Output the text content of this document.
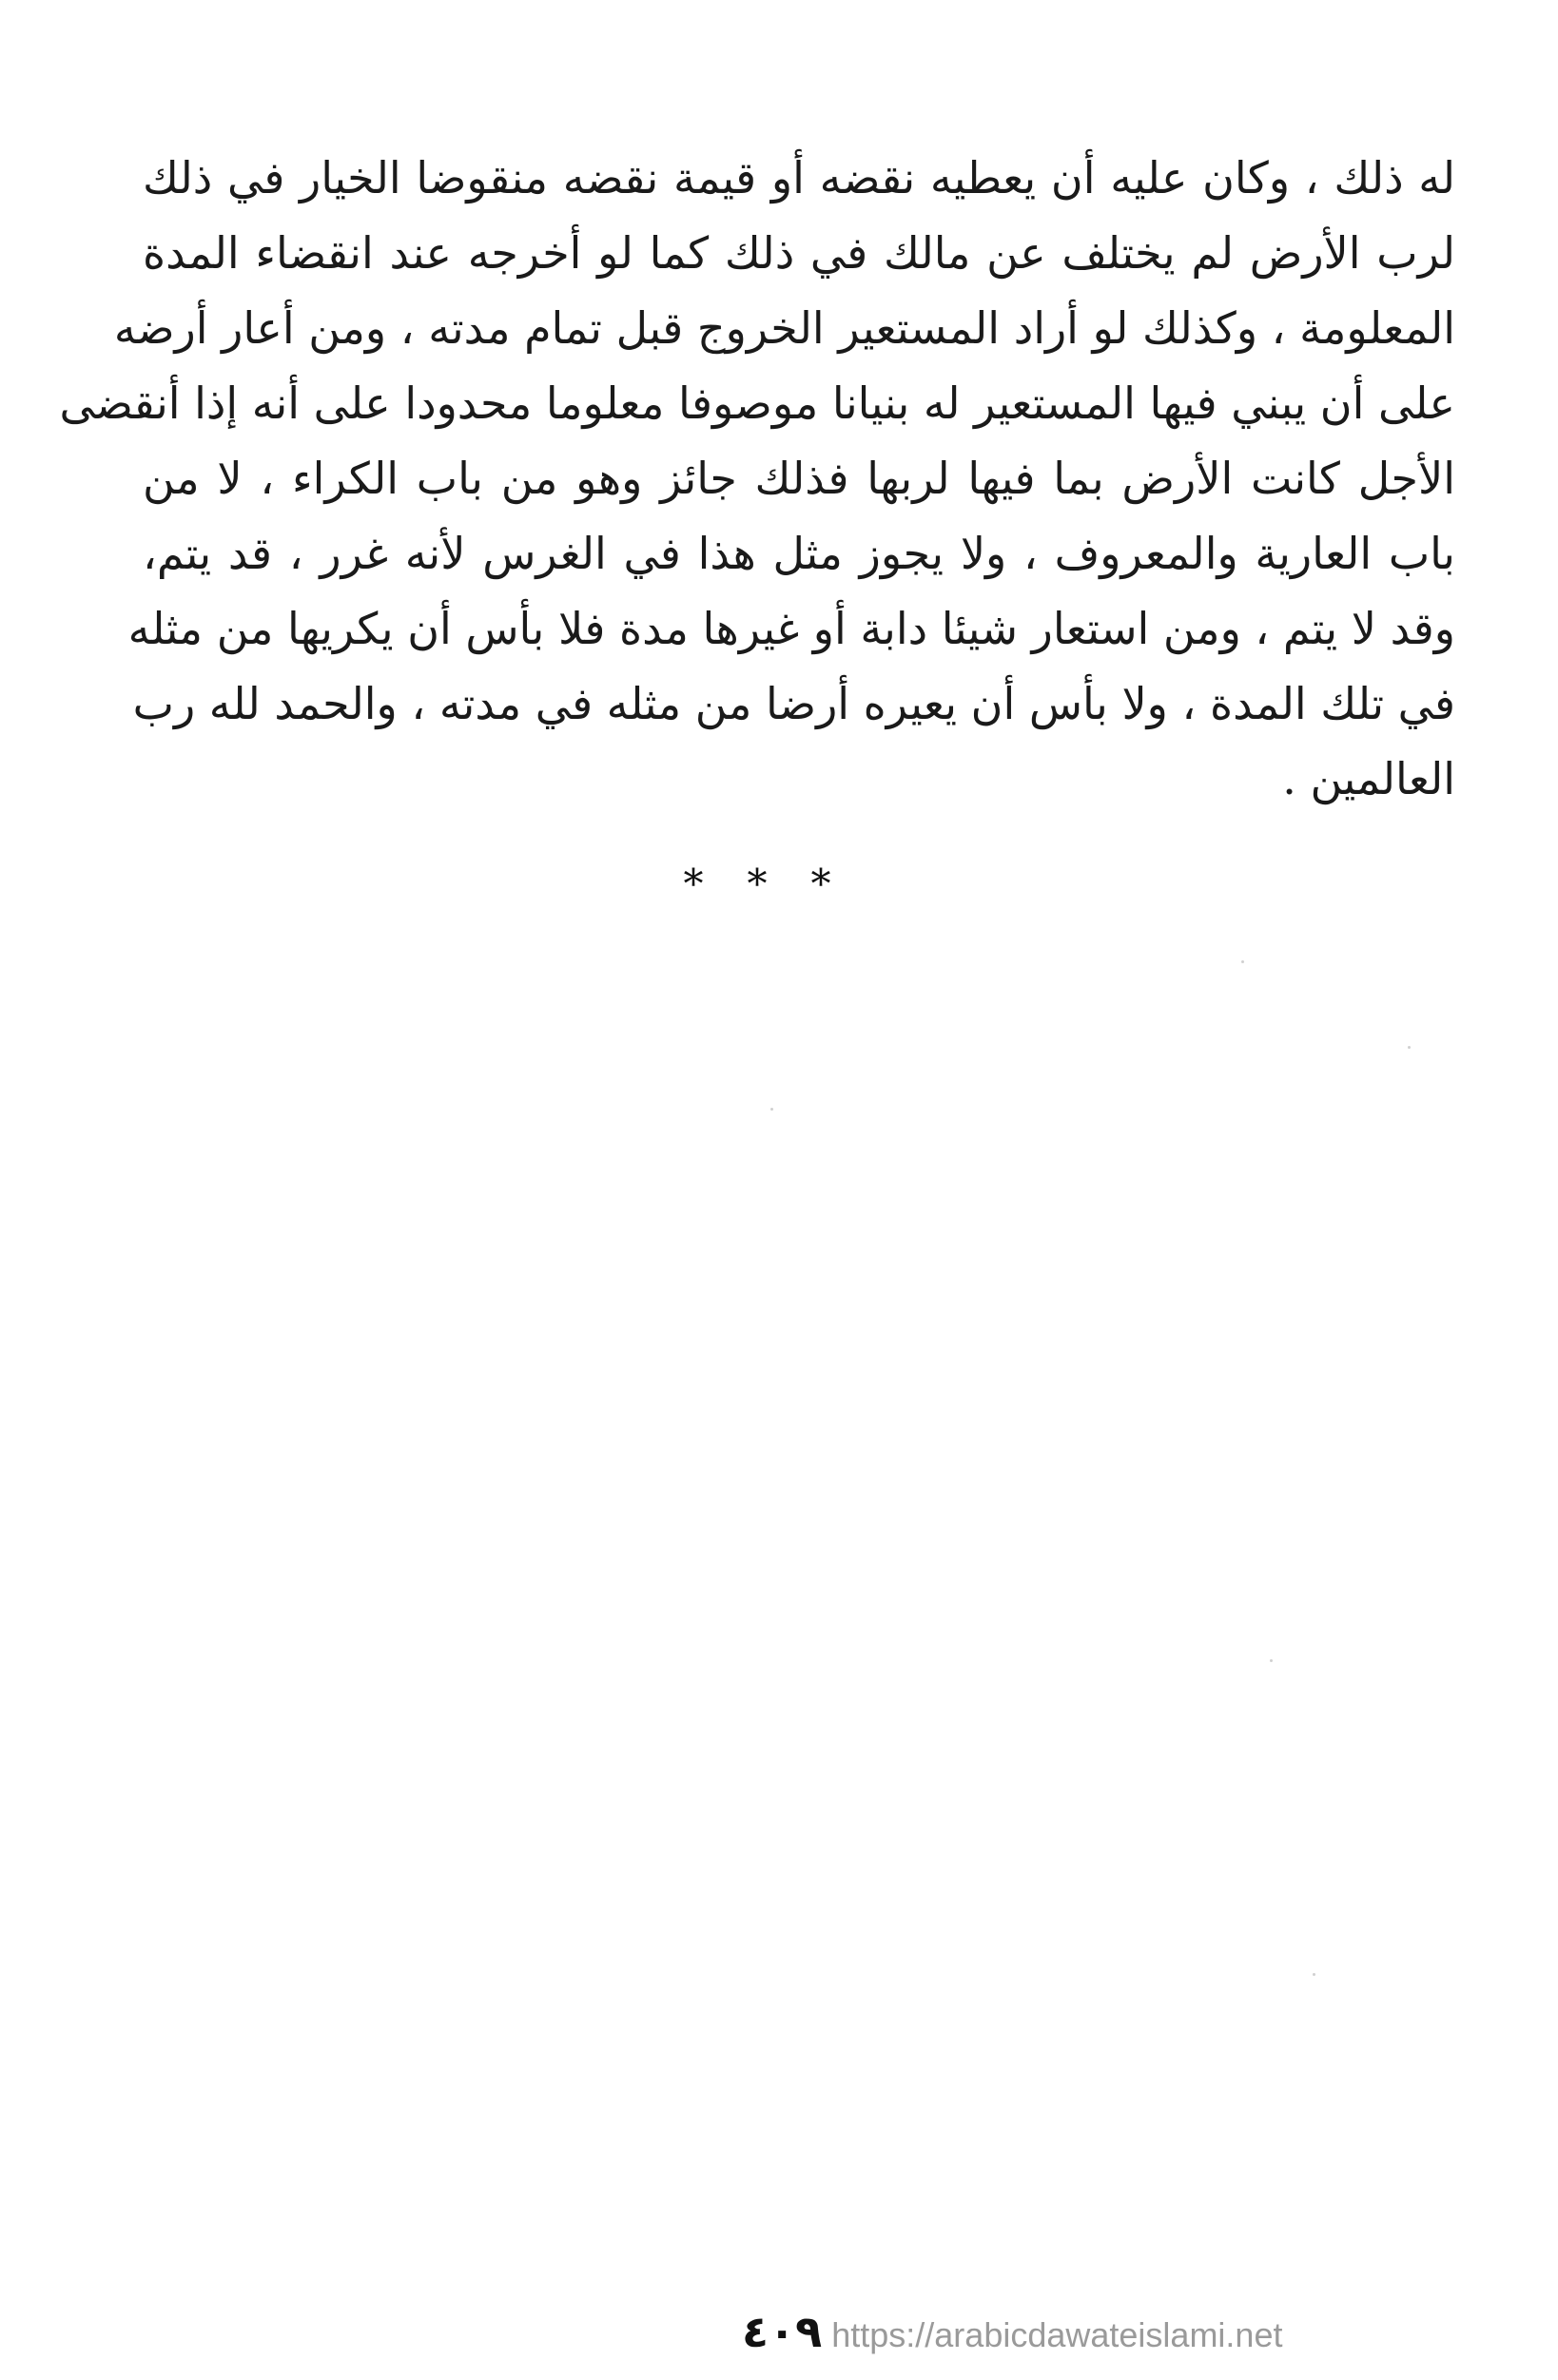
له ذلك ، وكان عليه أن يعطيه نقضه أو قيمة نقضه منقوضا الخيار في ذلك
لرب الأرض لم يختلف عن مالك في ذلك كما لو أخرجه عند انقضاء المدة
المعلومة ، وكذلك لو أراد المستعير الخروج قبل تمام مدته ، ومن أعار أرضه
على أن يبني فيها المستعير له بنيانا موصوفا معلوما محدودا على أنه إذا أنقضى
الأجل كانت الأرض بما فيها لربها فذلك جائز وهو من باب الكراء ، لا من
باب العارية والمعروف ، ولا يجوز مثل هذا في الغرس لأنه غرر ، قد يتم،
وقد لا يتم ، ومن استعار شيئا دابة أو غيرها مدة فلا بأس أن يكريها من مثله
في تلك المدة ، ولا بأس أن يعيره أرضا من مثله في مدته ، والحمد لله رب
العالمين .
***
٤٠٩ https://arabicdawateislami.net
